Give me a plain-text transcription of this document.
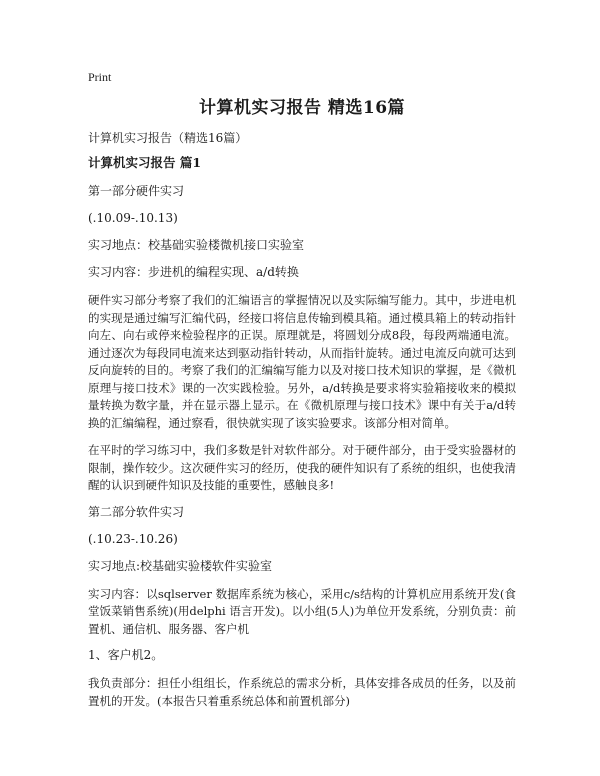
Print
计算机实习报告 精选16篇

计算机实习报告（精选16篇）

计算机实习报告 篇1

第一部分硬件实习

(.10.09-.10.13)

实习地点：校基础实验楼微机接口实验室

实习内容：步进机的编程实现、a/d转换

硬件实习部分考察了我们的汇编语言的掌握情况以及实际编写能力。其中，步进电机的实现是通过编写汇编代码，经接口将信息传输到模具箱。通过模具箱上的转动指针向左、向右或停来检验程序的正误。原理就是，将圆划分成8段，每段两端通电流。通过逐次为每段同电流来达到驱动指针转动，从而指针旋转。通过电流反向就可达到反向旋转的目的。考察了我们的汇编编写能力以及对接口技术知识的掌握，是《微机原理与接口技术》课的一次实践检验。另外，a/d转换是要求将实验箱接收来的模拟量转换为数字量，并在显示器上显示。在《微机原理与接口技术》课中有关于a/d转换的汇编编程，通过察看，很快就实现了该实验要求。该部分相对简单。

在平时的学习练习中，我们多数是针对软件部分。对于硬件部分，由于受实验器材的限制，操作较少。这次硬件实习的经历，使我的硬件知识有了系统的组织，也使我清醒的认识到硬件知识及技能的重要性，感触良多!

第二部分软件实习

(.10.23-.10.26)

实习地点:校基础实验楼软件实验室

实习内容：以sqlserver 数据库系统为核心，采用c/s结构的计算机应用系统开发(食堂饭菜销售系统)(用delphi 语言开发)。以小组(5人)为单位开发系统，分别负责：前置机、通信机、服务器、客户机

1、客户机2。

我负责部分：担任小组组长，作系统总的需求分析，具体安排各成员的任务，以及前置机的开发。(本报告只着重系统总体和前置机部分)
